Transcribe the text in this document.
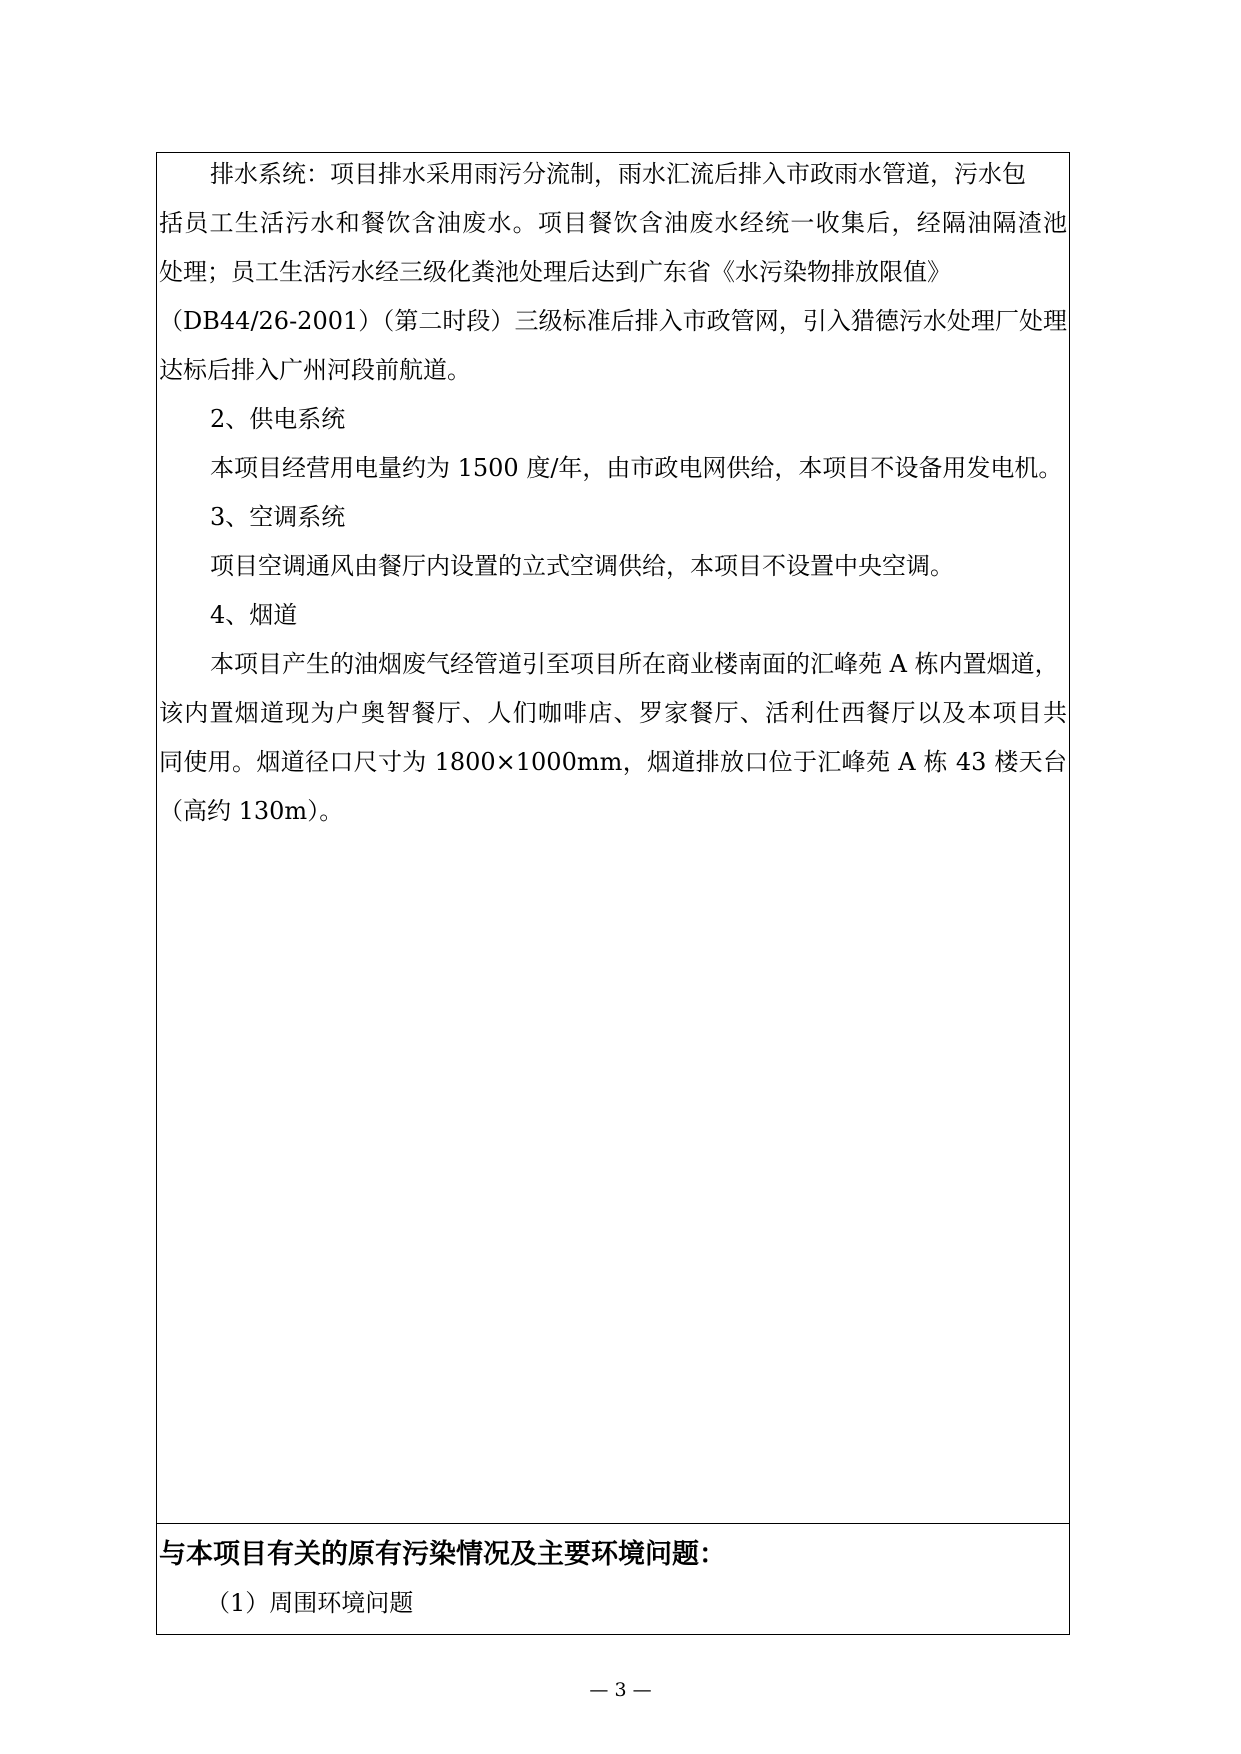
排水系统：项目排水采用雨污分流制，雨水汇流后排入市政雨水管道，污水包
括员工生活污水和餐饮含油废水。项目餐饮含油废水经统一收集后，经隔油隔渣池
处理；员工生活污水经三级化粪池处理后达到广东省《水污染物排放限值》
（DB44/26-2001）（第二时段）三级标准后排入市政管网，引入猎德污水处理厂处理
达标后排入广州河段前航道。
2、供电系统
本项目经营用电量约为 1500 度/年，由市政电网供给，本项目不设备用发电机。
3、空调系统
项目空调通风由餐厅内设置的立式空调供给，本项目不设置中央空调。
4、烟道
本项目产生的油烟废气经管道引至项目所在商业楼南面的汇峰苑 A 栋内置烟道，
该内置烟道现为户奥智餐厅、人们咖啡店、罗家餐厅、活利仕西餐厅以及本项目共
同使用。烟道径口尺寸为 1800×1000mm，烟道排放口位于汇峰苑 A 栋 43 楼天台
（高约 130m）。
与本项目有关的原有污染情况及主要环境问题：
（1）周围环境问题
— 3 —
